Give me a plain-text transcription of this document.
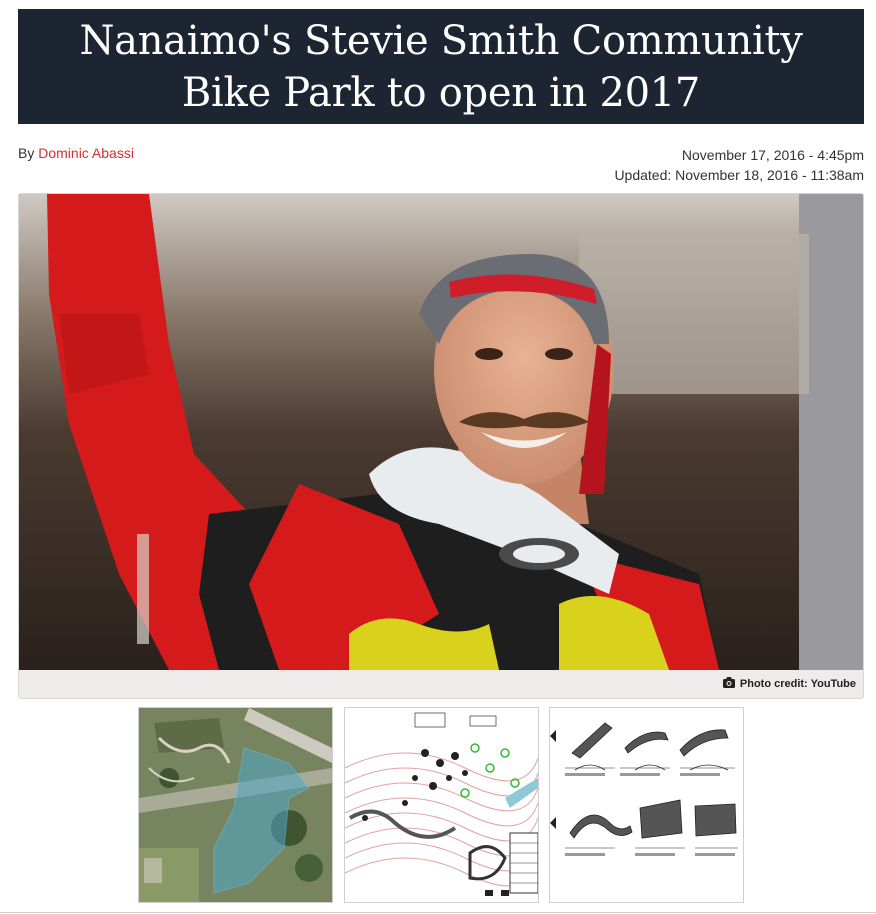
Nanaimo's Stevie Smith Community
Bike Park to open in 2017
By Dominic Abassi	November 17, 2016 - 4:45pm
Updated: November 18, 2016 - 11:38am
Photo credit: YouTube
